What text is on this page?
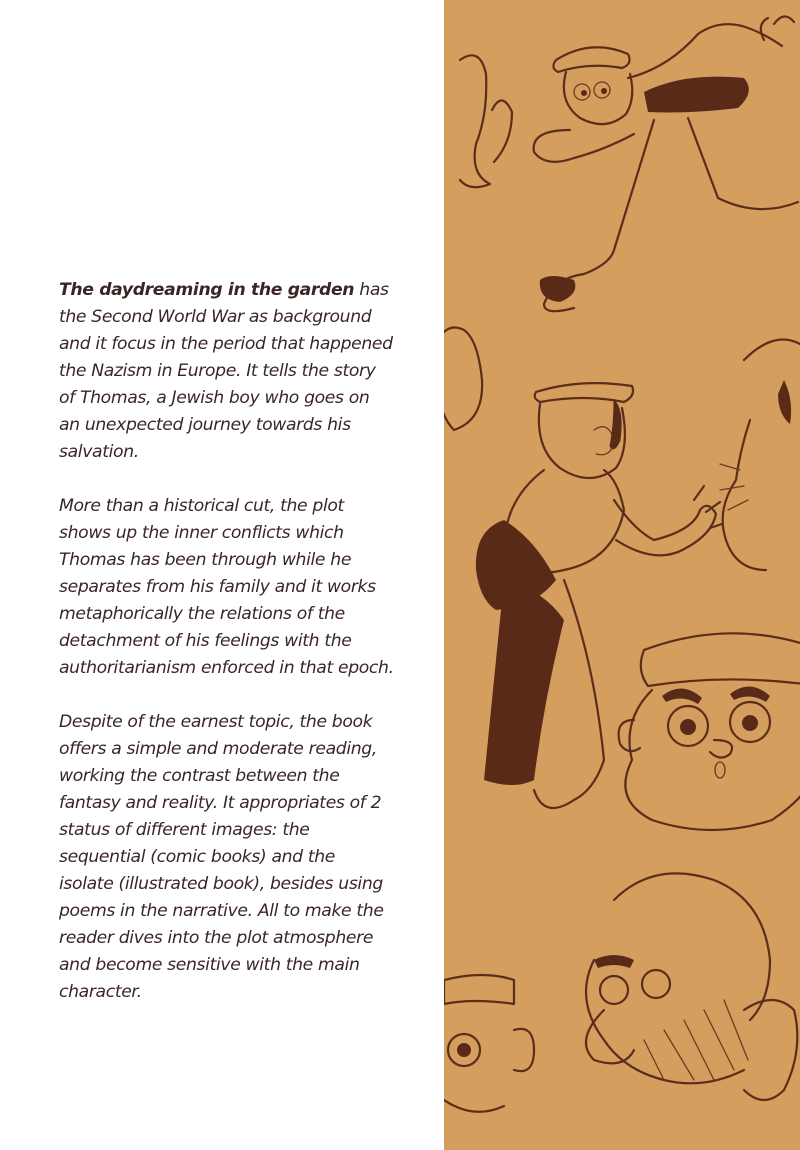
The daydreaming in the garden has the Second World War as background and it focus in the period that happened the Nazism in Europe. It tells the story of Thomas, a Jewish boy who goes on an unexpected journey towards his salvation.

More than a historical cut, the plot shows up the inner conflicts which Thomas has been through while he separates from his family and it works metaphorically the relations of the detachment of his feelings with the authoritarianism enforced in that epoch.

Despite of the earnest topic, the book offers a simple and moderate reading, working the contrast between the fantasy and reality. It appropriates of 2 status of different images: the sequential (comic books) and the isolate (illustrated book), besides using poems in the narrative. All to make the reader dives into the plot atmosphere and become sensitive with the main character.
